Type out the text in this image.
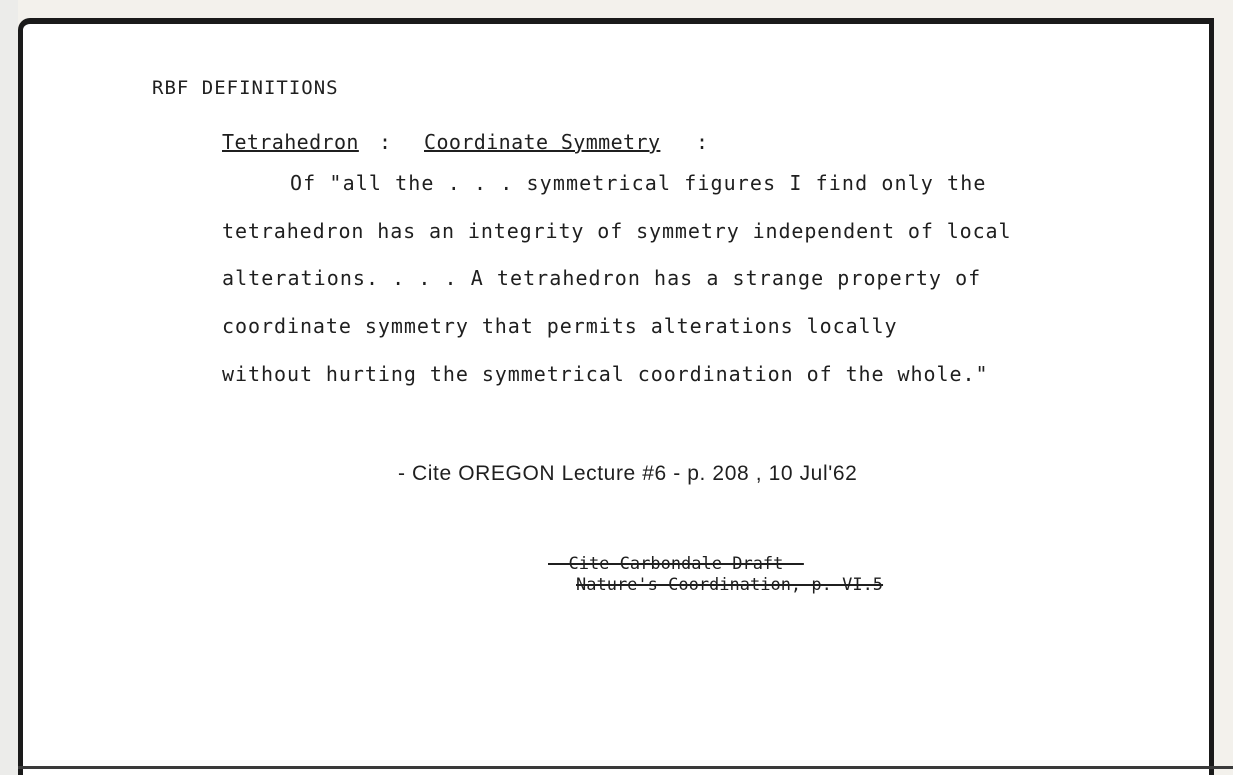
RBF DEFINITIONS
Tetrahedron : Coordinate Symmetry :
Of "all the . . . symmetrical figures I find only the
tetrahedron has an integrity of symmetry independent of local
alterations. . . . A tetrahedron has a strange property of
coordinate symmetry that permits alterations locally
without hurting the symmetrical coordination of the whole."
- Cite OREGON Lecture #6 - p. 208 , 10 Jul'62
- Cite Carbondale Draft -
Nature's Coordination, p. VI.5
